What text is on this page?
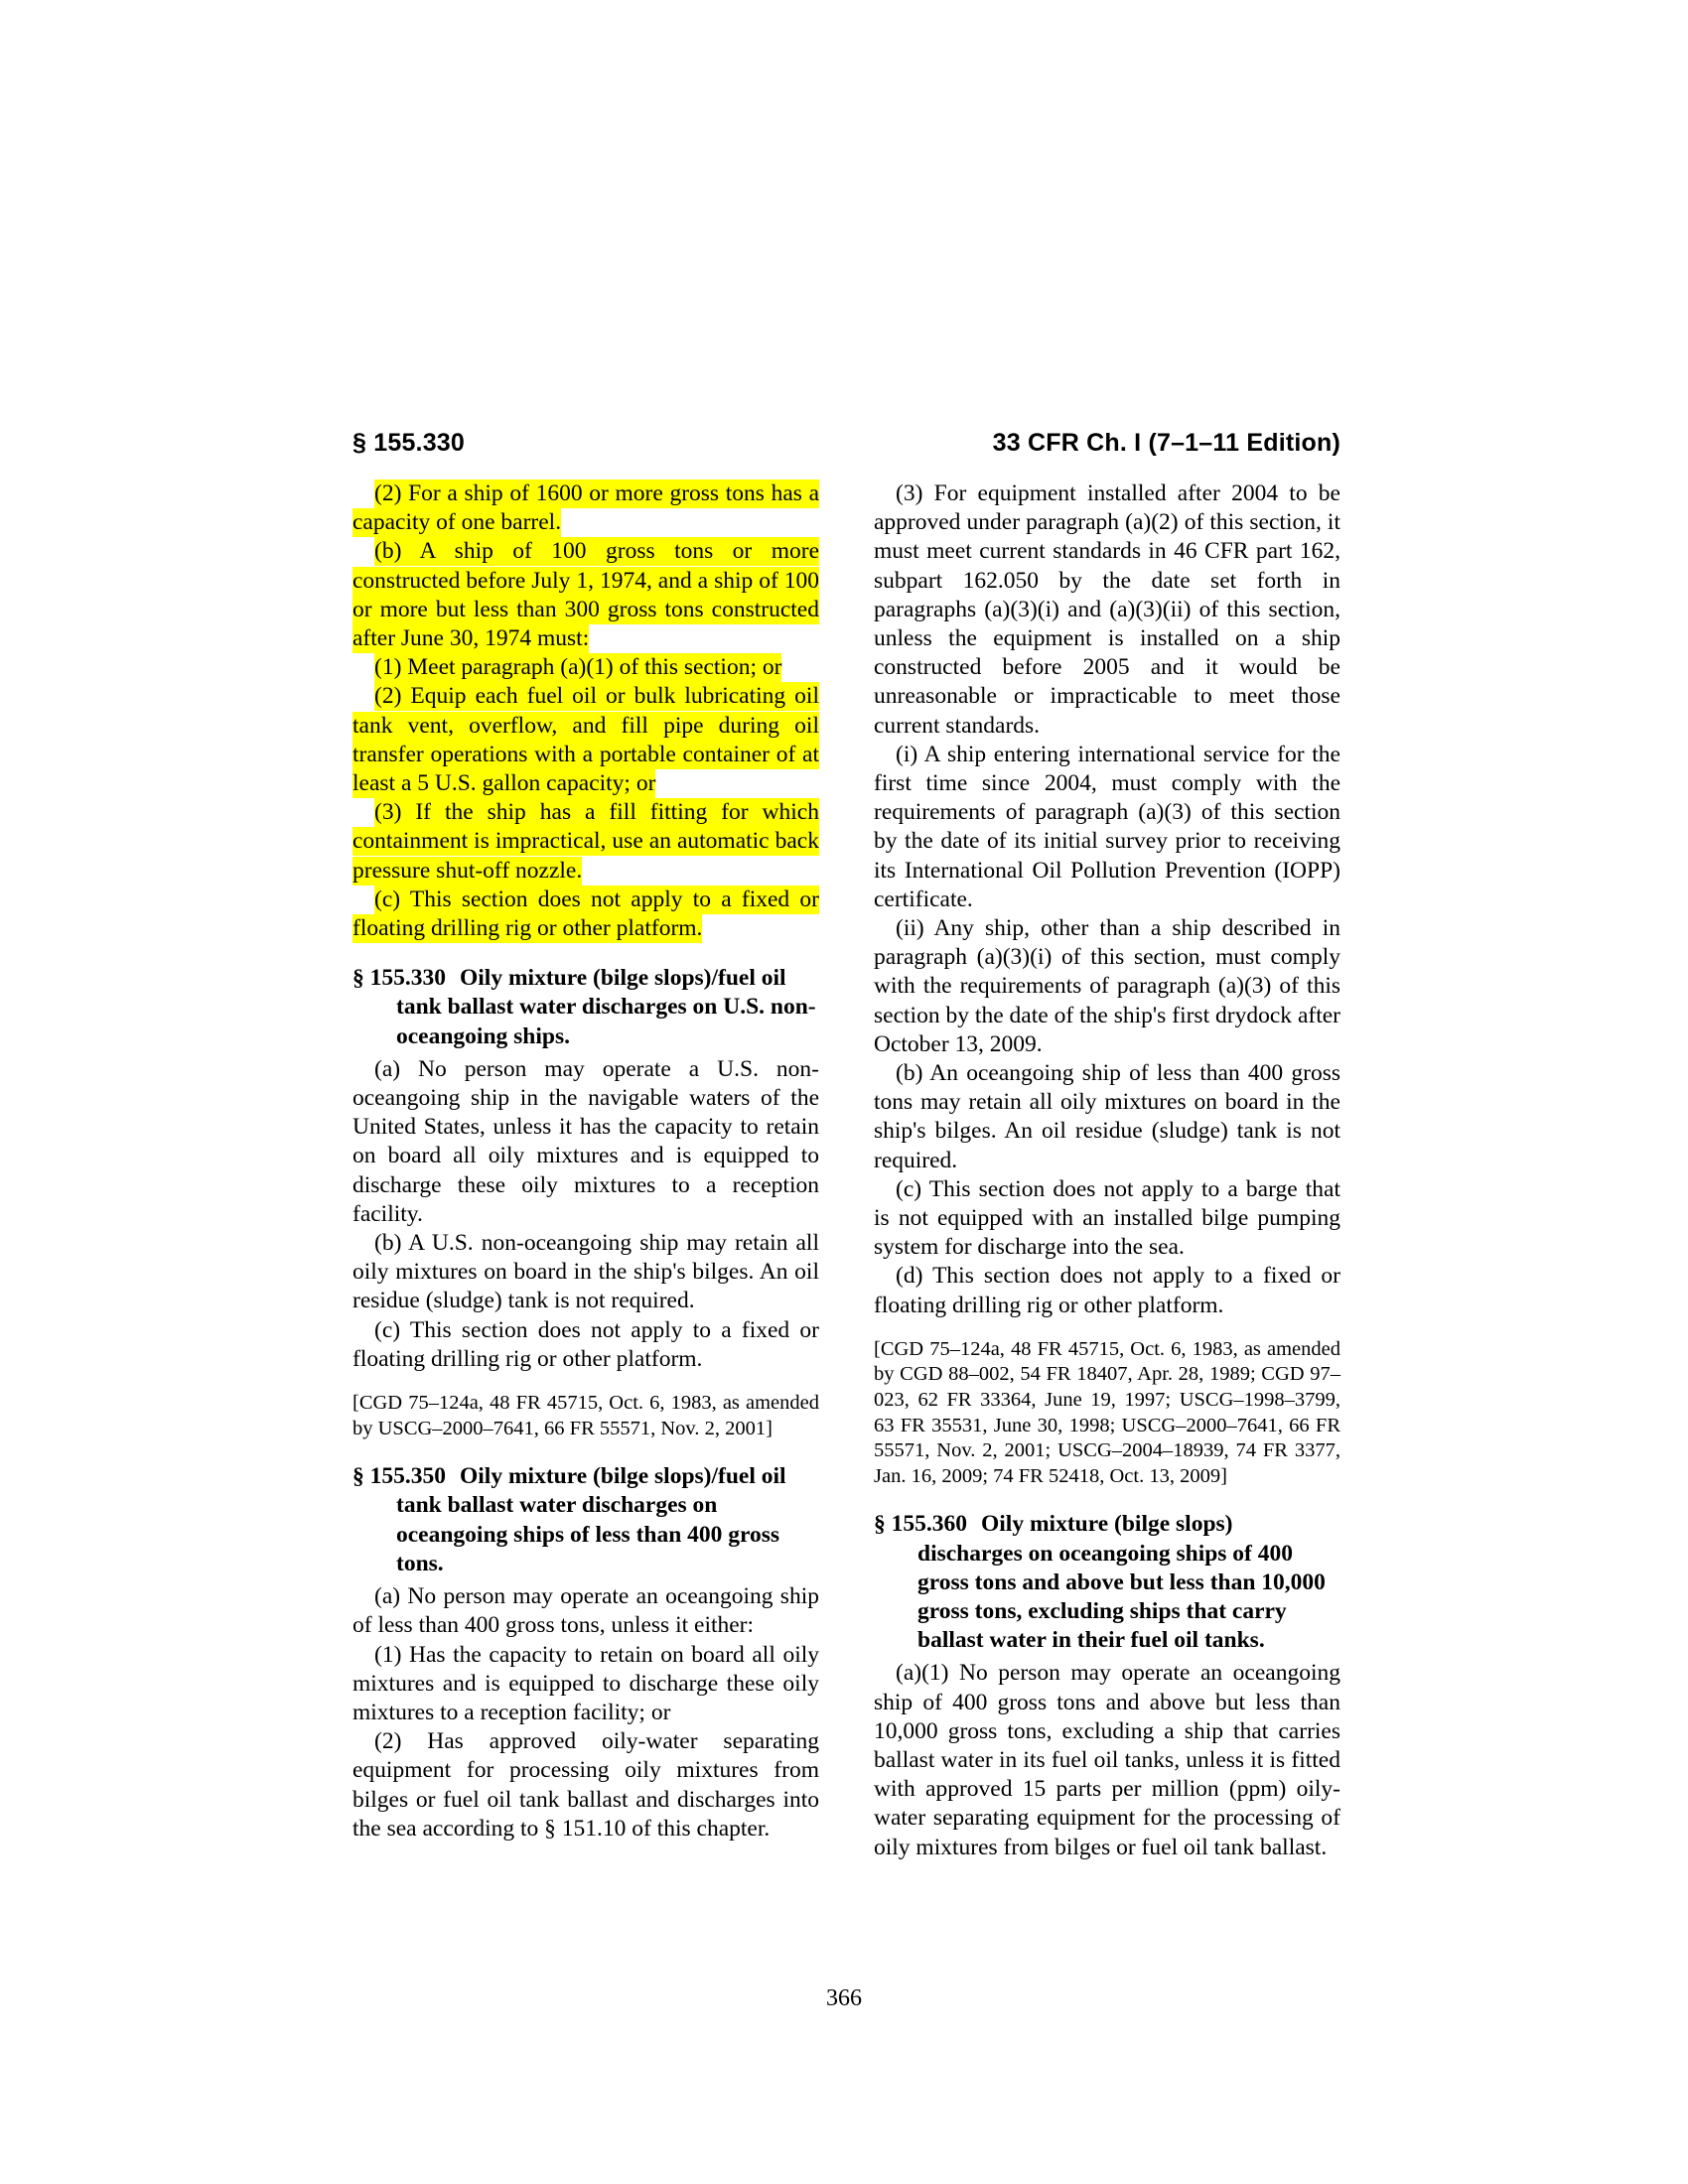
§ 155.330	33 CFR Ch. I (7–1–11 Edition)

(2) For a ship of 1600 or more gross tons has a capacity of one barrel.

(b) A ship of 100 gross tons or more constructed before July 1, 1974, and a ship of 100 or more but less than 300 gross tons constructed after June 30, 1974 must:

(1) Meet paragraph (a)(1) of this section; or

(2) Equip each fuel oil or bulk lubricating oil tank vent, overflow, and fill pipe during oil transfer operations with a portable container of at least a 5 U.S. gallon capacity; or

(3) If the ship has a fill fitting for which containment is impractical, use an automatic back pressure shut-off nozzle.

(c) This section does not apply to a fixed or floating drilling rig or other platform.

§ 155.330 Oily mixture (bilge slops)/fuel oil tank ballast water discharges on U.S. non-oceangoing ships.

(a) No person may operate a U.S. non-oceangoing ship in the navigable waters of the United States, unless it has the capacity to retain on board all oily mixtures and is equipped to discharge these oily mixtures to a reception facility.

(b) A U.S. non-oceangoing ship may retain all oily mixtures on board in the ship's bilges. An oil residue (sludge) tank is not required.

(c) This section does not apply to a fixed or floating drilling rig or other platform.

[CGD 75–124a, 48 FR 45715, Oct. 6, 1983, as amended by USCG–2000–7641, 66 FR 55571, Nov. 2, 2001]

§ 155.350 Oily mixture (bilge slops)/fuel oil tank ballast water discharges on oceangoing ships of less than 400 gross tons.

(a) No person may operate an oceangoing ship of less than 400 gross tons, unless it either:

(1) Has the capacity to retain on board all oily mixtures and is equipped to discharge these oily mixtures to a reception facility; or

(2) Has approved oily-water separating equipment for processing oily mixtures from bilges or fuel oil tank ballast and discharges into the sea according to § 151.10 of this chapter.

(3) For equipment installed after 2004 to be approved under paragraph (a)(2) of this section, it must meet current standards in 46 CFR part 162, subpart 162.050 by the date set forth in paragraphs (a)(3)(i) and (a)(3)(ii) of this section, unless the equipment is installed on a ship constructed before 2005 and it would be unreasonable or impracticable to meet those current standards.

(i) A ship entering international service for the first time since 2004, must comply with the requirements of paragraph (a)(3) of this section by the date of its initial survey prior to receiving its International Oil Pollution Prevention (IOPP) certificate.

(ii) Any ship, other than a ship described in paragraph (a)(3)(i) of this section, must comply with the requirements of paragraph (a)(3) of this section by the date of the ship's first drydock after October 13, 2009.

(b) An oceangoing ship of less than 400 gross tons may retain all oily mixtures on board in the ship's bilges. An oil residue (sludge) tank is not required.

(c) This section does not apply to a barge that is not equipped with an installed bilge pumping system for discharge into the sea.

(d) This section does not apply to a fixed or floating drilling rig or other platform.

[CGD 75–124a, 48 FR 45715, Oct. 6, 1983, as amended by CGD 88–002, 54 FR 18407, Apr. 28, 1989; CGD 97–023, 62 FR 33364, June 19, 1997; USCG–1998–3799, 63 FR 35531, June 30, 1998; USCG–2000–7641, 66 FR 55571, Nov. 2, 2001; USCG–2004–18939, 74 FR 3377, Jan. 16, 2009; 74 FR 52418, Oct. 13, 2009]

§ 155.360 Oily mixture (bilge slops) discharges on oceangoing ships of 400 gross tons and above but less than 10,000 gross tons, excluding ships that carry ballast water in their fuel oil tanks.

(a)(1) No person may operate an oceangoing ship of 400 gross tons and above but less than 10,000 gross tons, excluding a ship that carries ballast water in its fuel oil tanks, unless it is fitted with approved 15 parts per million (ppm) oily-water separating equipment for the processing of oily mixtures from bilges or fuel oil tank ballast.

366
